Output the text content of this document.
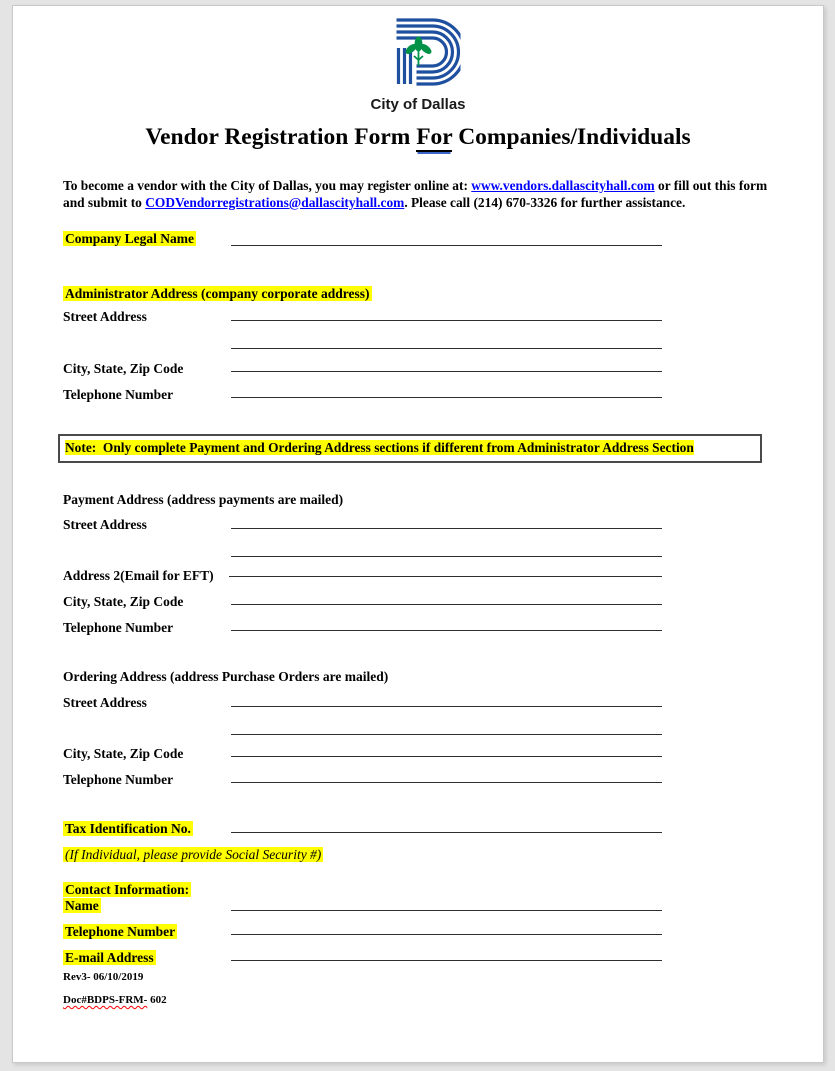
City of Dallas
Vendor Registration Form For Companies/Individuals

To become a vendor with the City of Dallas, you may register online at: www.vendors.dallascityhall.com or fill out this form and submit to CODVendorregistrations@dallascityhall.com. Please call (214) 670-3326 for further assistance.

Company Legal Name
Administrator Address (company corporate address)
Street Address
City, State, Zip Code
Telephone Number
Note:  Only complete Payment and Ordering Address sections if different from Administrator Address Section
Payment Address (address payments are mailed)
Street Address
Address 2(Email for EFT)
City, State, Zip Code
Telephone Number
Ordering Address (address Purchase Orders are mailed)
Street Address
City, State, Zip Code
Telephone Number
Tax Identification No.
(If Individual, please provide Social Security #)
Contact Information:
Name
Telephone Number
E-mail Address
Rev3- 06/10/2019
Doc#BDPS-FRM- 602
